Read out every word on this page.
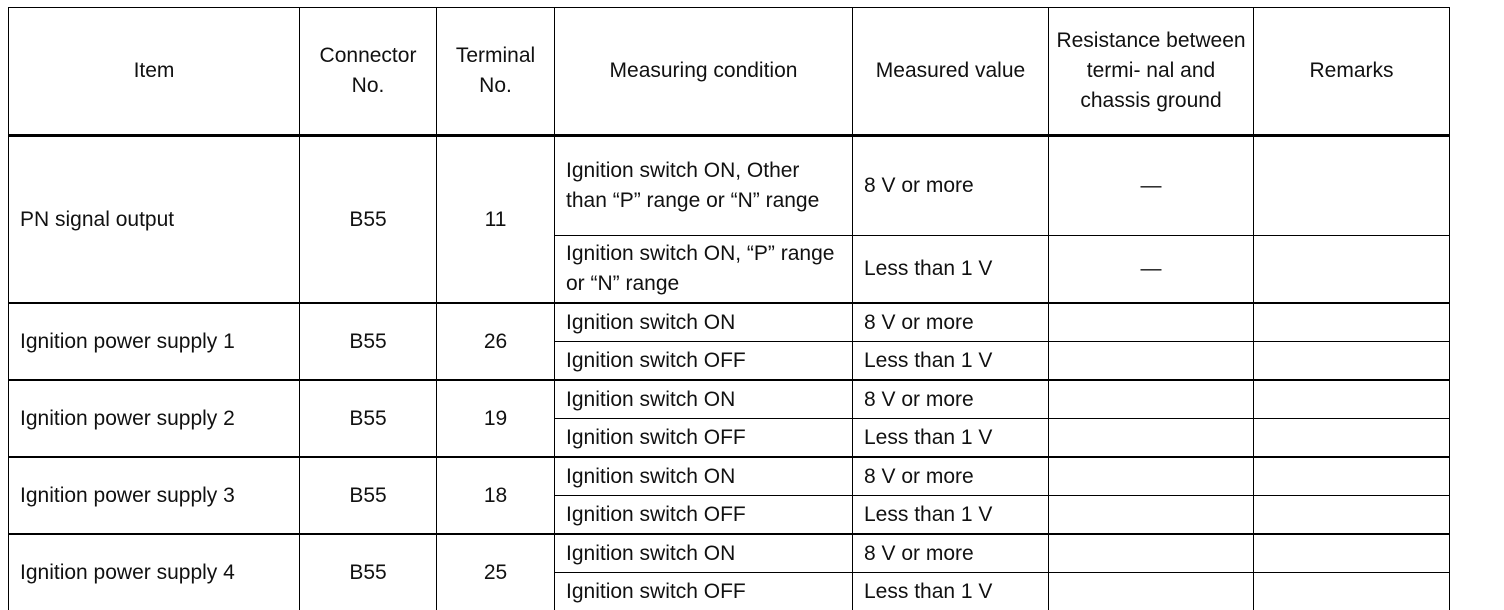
Item	Connector No.	Terminal No.	Measuring condition	Measured value	Resistance between termi- nal and chassis ground	Remarks
PN signal output	B55	11	Ignition switch ON, Other than “P” range or “N” range	8 V or more	—	
			Ignition switch ON, “P” range or “N” range	Less than 1 V	—	
Ignition power supply 1	B55	26	Ignition switch ON	8 V or more		
			Ignition switch OFF	Less than 1 V		
Ignition power supply 2	B55	19	Ignition switch ON	8 V or more		
			Ignition switch OFF	Less than 1 V		
Ignition power supply 3	B55	18	Ignition switch ON	8 V or more		
			Ignition switch OFF	Less than 1 V		
Ignition power supply 4	B55	25	Ignition switch ON	8 V or more		
			Ignition switch OFF	Less than 1 V		
